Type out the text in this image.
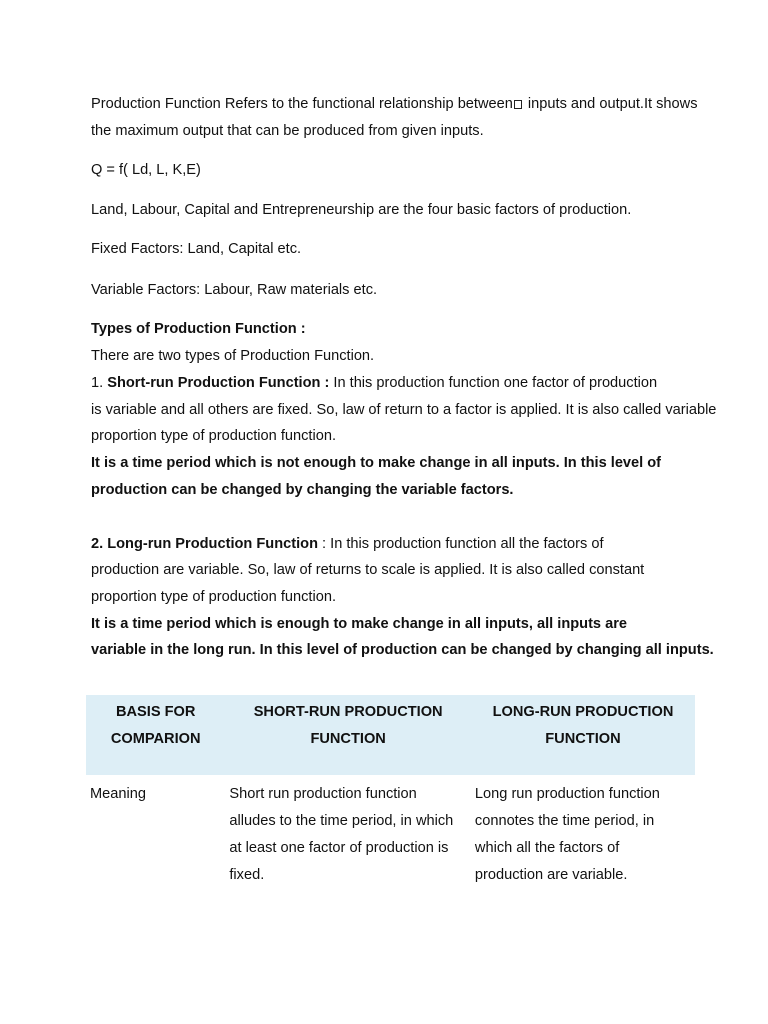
Production Function Refers to the functional relationship between inputs and output.It shows
the maximum output that can be produced from given inputs.
Q = f( Ld, L, K,E)
Land, Labour, Capital and Entrepreneurship are the four basic factors of production.
Fixed Factors: Land, Capital etc.
Variable Factors: Labour, Raw materials etc.
Types of Production Function :
There are two types of Production Function.
1. Short-run Production Function : In this production function one factor of production
is variable and all others are fixed. So, law of return to a factor is applied. It is also called variable
proportion type of production function.
It is a time period which is not enough to make change in all inputs. In this level of
production can be changed by changing the variable factors.
2. Long-run Production Function : In this production function all the factors of
production are variable. So, law of returns to scale is applied. It is also called constant
proportion type of production function.
It is a time period which is enough to make change in all inputs, all inputs are
variable in the long run. In this level of production can be changed by changing all inputs.
BASIS FOR COMPARION	SHORT-RUN PRODUCTION FUNCTION	LONG-RUN PRODUCTION FUNCTION
Meaning	Short run production function alludes to the time period, in which at least one factor of production is fixed.	Long run production function connotes the time period, in which all the factors of production are variable.
